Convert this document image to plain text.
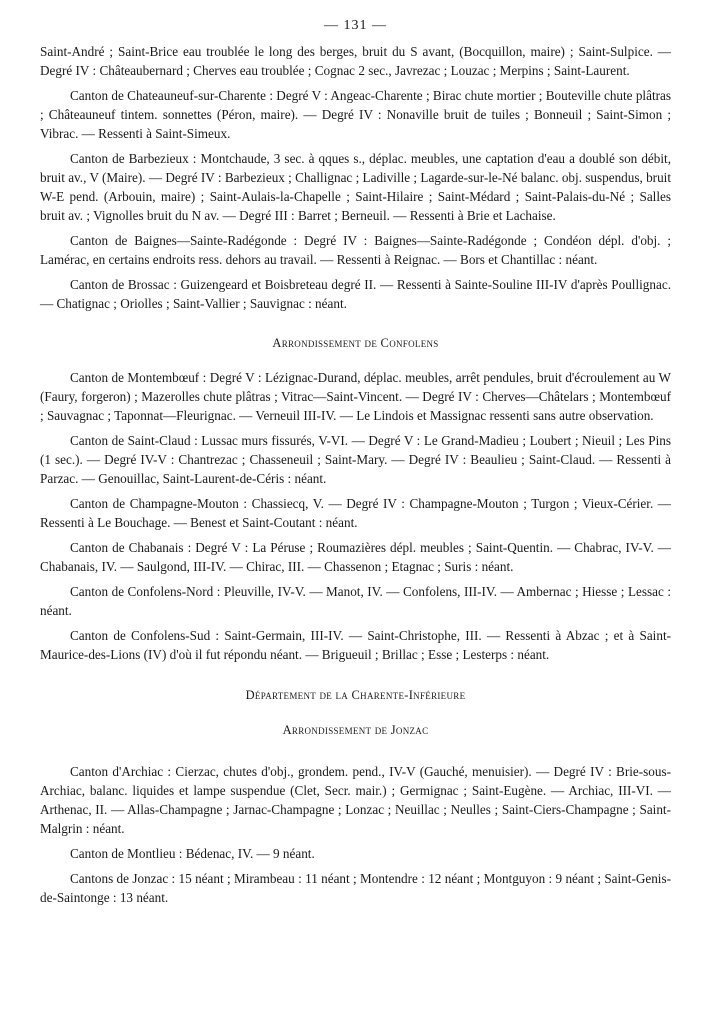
— 131 —

Saint-André ; Saint-Brice eau troublée le long des berges, bruit du S avant, (Bocquillon, maire) ; Saint-Sulpice. — Degré IV : Châteaubernard ; Cherves eau troublée ; Cognac 2 sec., Javrezac ; Louzac ; Merpins ; Saint-Laurent.

Canton de Chateauneuf-sur-Charente : Degré V : Angeac-Charente ; Birac chute mortier ; Bouteville chute plâtras ; Châteauneuf tintem. sonnettes (Péron, maire). — Degré IV : Nonaville bruit de tuiles ; Bonneuil ; Saint-Simon ; Vibrac. — Ressenti à Saint-Simeux.

Canton de Barbezieux : Montchaude, 3 sec. à qques s., déplac. meubles, une captation d'eau a doublé son débit, bruit av., V (Maire). — Degré IV : Barbezieux ; Challignac ; Ladiville ; Lagarde-sur-le-Né balanc. obj. suspendus, bruit W-E pend. (Arbouin, maire) ; Saint-Aulais-la-Chapelle ; Saint-Hilaire ; Saint-Médard ; Saint-Palais-du-Né ; Salles bruit av. ; Vignolles bruit du N av. — Degré III : Barret ; Berneuil. — Ressenti à Brie et Lachaise.

Canton de Baignes—Sainte-Radégonde : Degré IV : Baignes—Sainte-Radégonde ; Condéon dépl. d'obj. ; Lamérac, en certains endroits ress. dehors au travail. — Ressenti à Reignac. — Bors et Chantillac : néant.

Canton de Brossac : Guizengeard et Boisbreteau degré II. — Ressenti à Sainte-Souline III-IV d'après Poullignac. — Chatignac ; Oriolles ; Saint-Vallier ; Sauvignac : néant.

Arrondissement de Confolens

Canton de Montembœuf : Degré V : Lézignac-Durand, déplac. meubles, arrêt pendules, bruit d'écroulement au W (Faury, forgeron) ; Mazerolles chute plâtras ; Vitrac—Saint-Vincent. — Degré IV : Cherves—Châtelars ; Montembœuf ; Sauvagnac ; Taponnat—Fleurignac. — Verneuil III-IV. — Le Lindois et Massignac ressenti sans autre observation.

Canton de Saint-Claud : Lussac murs fissurés, V-VI. — Degré V : Le Grand-Madieu ; Loubert ; Nieuil ; Les Pins (1 sec.). — Degré IV-V : Chantrezac ; Chasseneuil ; Saint-Mary. — Degré IV : Beaulieu ; Saint-Claud. — Ressenti à Parzac. — Genouillac, Saint-Laurent-de-Céris : néant.

Canton de Champagne-Mouton : Chassiecq, V. — Degré IV : Champagne-Mouton ; Turgon ; Vieux-Cérier. — Ressenti à Le Bouchage. — Benest et Saint-Coutant : néant.

Canton de Chabanais : Degré V : La Péruse ; Roumazières dépl. meubles ; Saint-Quentin. — Chabrac, IV-V. — Chabanais, IV. — Saulgond, III-IV. — Chirac, III. — Chassenon ; Etagnac ; Suris : néant.

Canton de Confolens-Nord : Pleuville, IV-V. — Manot, IV. — Confolens, III-IV. — Ambernac ; Hiesse ; Lessac : néant.

Canton de Confolens-Sud : Saint-Germain, III-IV. — Saint-Christophe, III. — Ressenti à Abzac ; et à Saint-Maurice-des-Lions (IV) d'où il fut répondu néant. — Brigueuil ; Brillac ; Esse ; Lesterps : néant.

Département de la Charente-Inférieure
Arrondissement de Jonzac

Canton d'Archiac : Cierzac, chutes d'obj., grondem. pend., IV-V (Gauché, menuisier). — Degré IV : Brie-sous-Archiac, balanc. liquides et lampe suspendue (Clet, Secr. mair.) ; Germignac ; Saint-Eugène. — Archiac, III-VI. — Arthenac, II. — Allas-Champagne ; Jarnac-Champagne ; Lonzac ; Neuillac ; Neulles ; Saint-Ciers-Champagne ; Saint-Malgrin : néant.

Canton de Montlieu : Bédenac, IV. — 9 néant.

Cantons de Jonzac : 15 néant ; Mirambeau : 11 néant ; Montendre : 12 néant ; Montguyon : 9 néant ; Saint-Genis-de-Saintonge : 13 néant.
